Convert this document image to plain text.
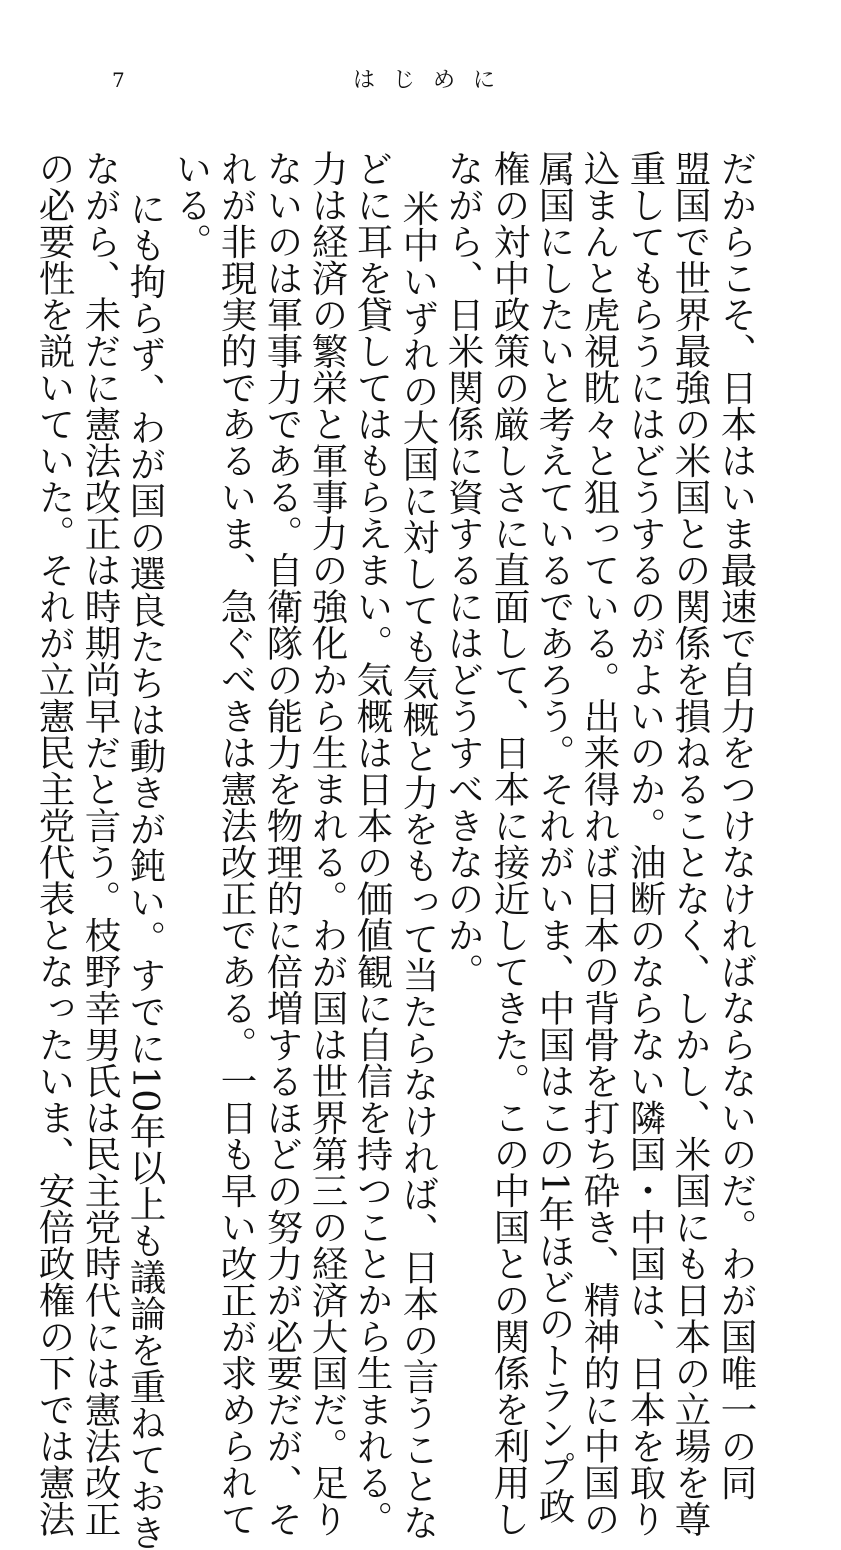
7	はじめに
だからこそ、日本はいま最速で自力をつけなければならないのだ。わが国唯一の同
盟国で世界最強の米国との関係を損ねることなく、しかし、米国にも日本の立場を尊
重してもらうにはどうするのがよいのか。油断のならない隣国・中国は、日本を取り
込まんと虎視眈々と狙っている。出来得れば日本の背骨を打ち砕き、精神的に中国の
属国にしたいと考えているであろう。それがいま、中国はこの1年ほどのトランプ政
権の対中政策の厳しさに直面して、日本に接近してきた。この中国との関係を利用し
ながら、日米関係に資するにはどうすべきなのか。
米中いずれの大国に対しても気概と力をもって当たらなければ、日本の言うことな
どに耳を貸してはもらえまい。気概は日本の価値観に自信を持つことから生まれる。
力は経済の繁栄と軍事力の強化から生まれる。わが国は世界第三の経済大国だ。足り
ないのは軍事力である。自衛隊の能力を物理的に倍増するほどの努力が必要だが、そ
れが非現実的であるいま、急ぐべきは憲法改正である。一日も早い改正が求められて
いる。
にも拘らず、わが国の選良たちは動きが鈍い。すでに10年以上も議論を重ねておき
ながら、未だに憲法改正は時期尚早だと言う。枝野幸男氏は民主党時代には憲法改正
の必要性を説いていた。それが立憲民主党代表となったいま、安倍政権の下では憲法
